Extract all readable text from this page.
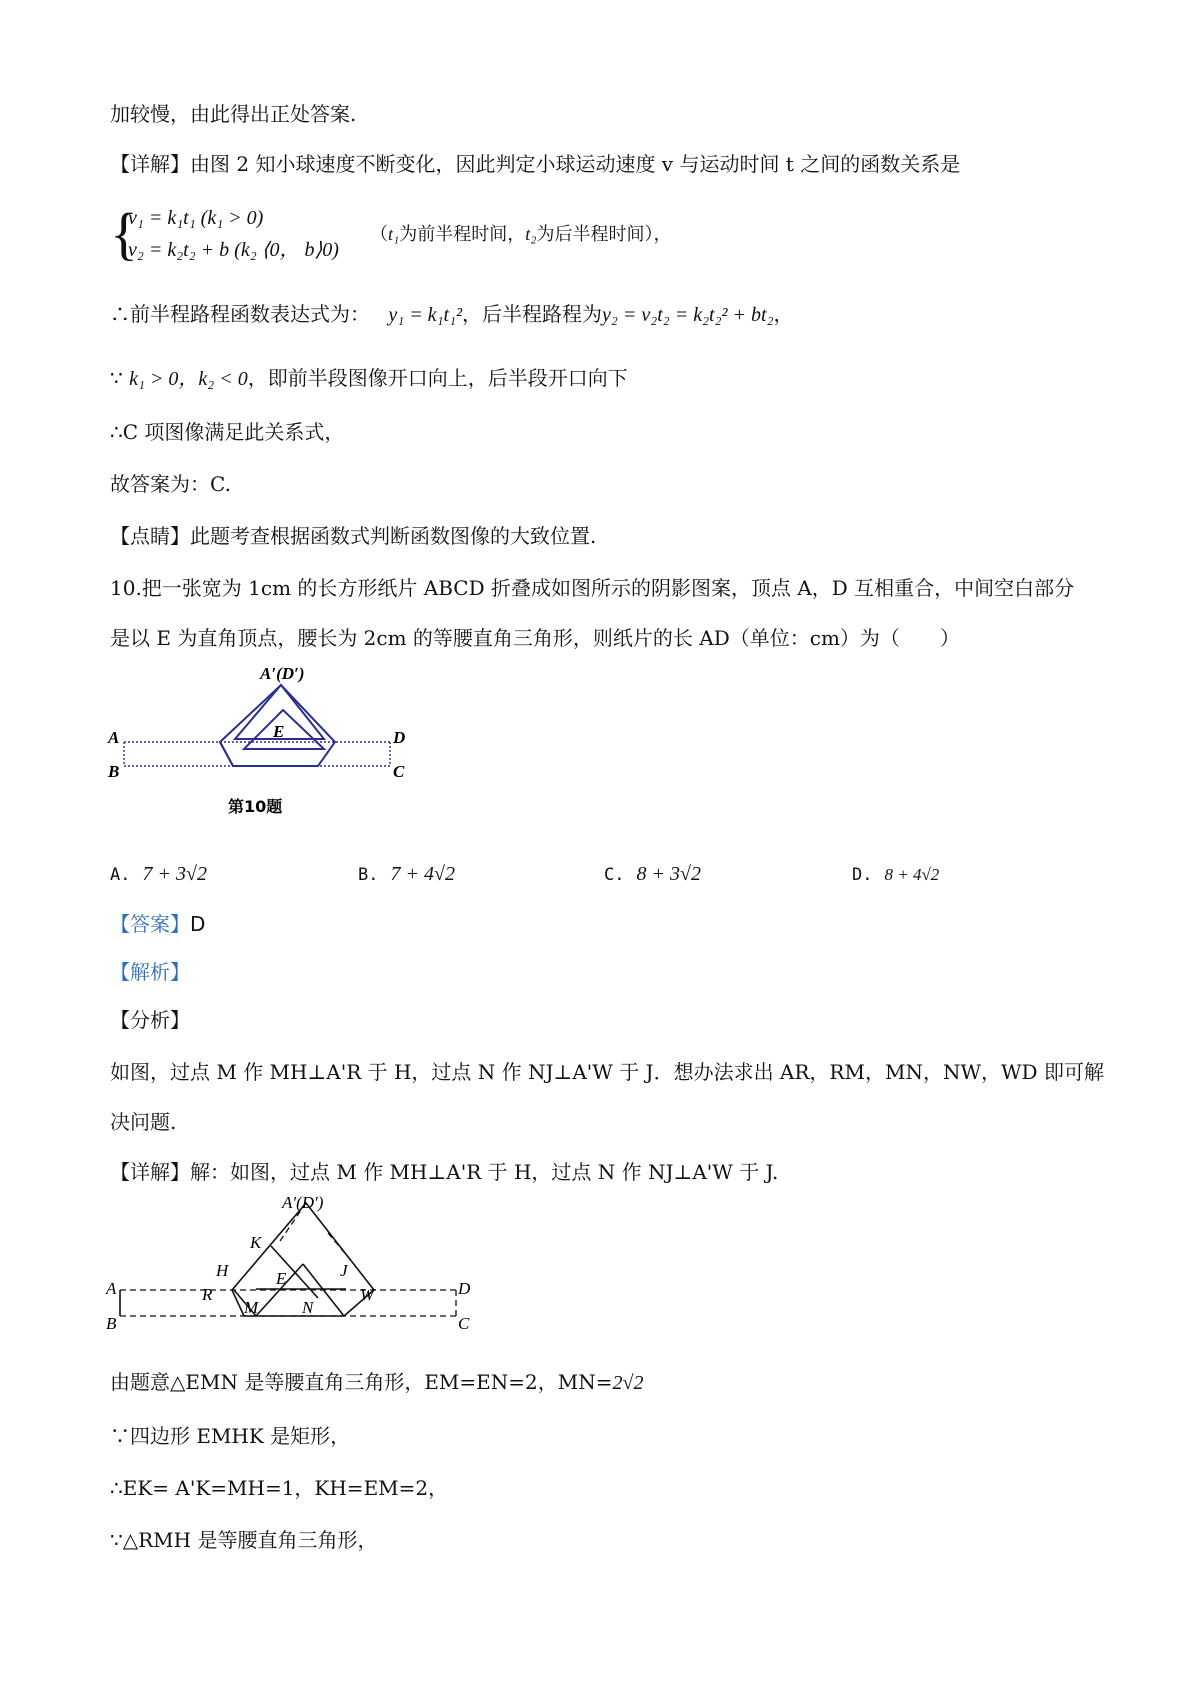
加较慢，由此得出正处答案.
【详解】由图 2 知小球速度不断变化，因此判定小球运动速度 v 与运动时间 t 之间的函数关系是
{
v₁ = k₁t₁ (k₁ > 0)
v₂ = k₂t₂ + b (k₂ ⟨0， b⟩0)
（t₁为前半程时间，t₂为后半程时间），
∴前半程路程函数表达式为： y₁ = k₁t₁²，后半程路程为y₂ = v₂t₂ = k₂t₂² + bt₂，
∵ k₁ > 0，k₂ < 0，即前半段图像开口向上，后半段开口向下
∴C 项图像满足此关系式，
故答案为：C.
【点睛】此题考查根据函数式判断函数图像的大致位置.
10.把一张宽为 1cm 的长方形纸片 ABCD 折叠成如图所示的阴影图案，顶点 A，D 互相重合，中间空白部分
是以 E 为直角顶点，腰长为 2cm 的等腰直角三角形，则纸片的长 AD（单位：cm）为（　　）
A′(D′)
E
A
B
D
C
第10题
A. 7 + 3√2	B. 7 + 4√2	C. 8 + 3√2	D. 8 + 4√2
【答案】D
【解析】
【分析】
如图，过点 M 作 MH⊥A'R 于 H，过点 N 作 NJ⊥A'W 于 J．想办法求出 AR，RM，MN，NW，WD 即可解
决问题.
【详解】解：如图，过点 M 作 MH⊥A'R 于 H，过点 N 作 NJ⊥A'W 于 J.
A′(D′)
K
H
R
E	J
W
M	N
A
B
D
C
由题意△EMN 是等腰直角三角形，EM=EN=2，MN=2√2
∵四边形 EMHK 是矩形，
∴EK= A'K=MH=1，KH=EM=2，
∵△RMH 是等腰直角三角形，
